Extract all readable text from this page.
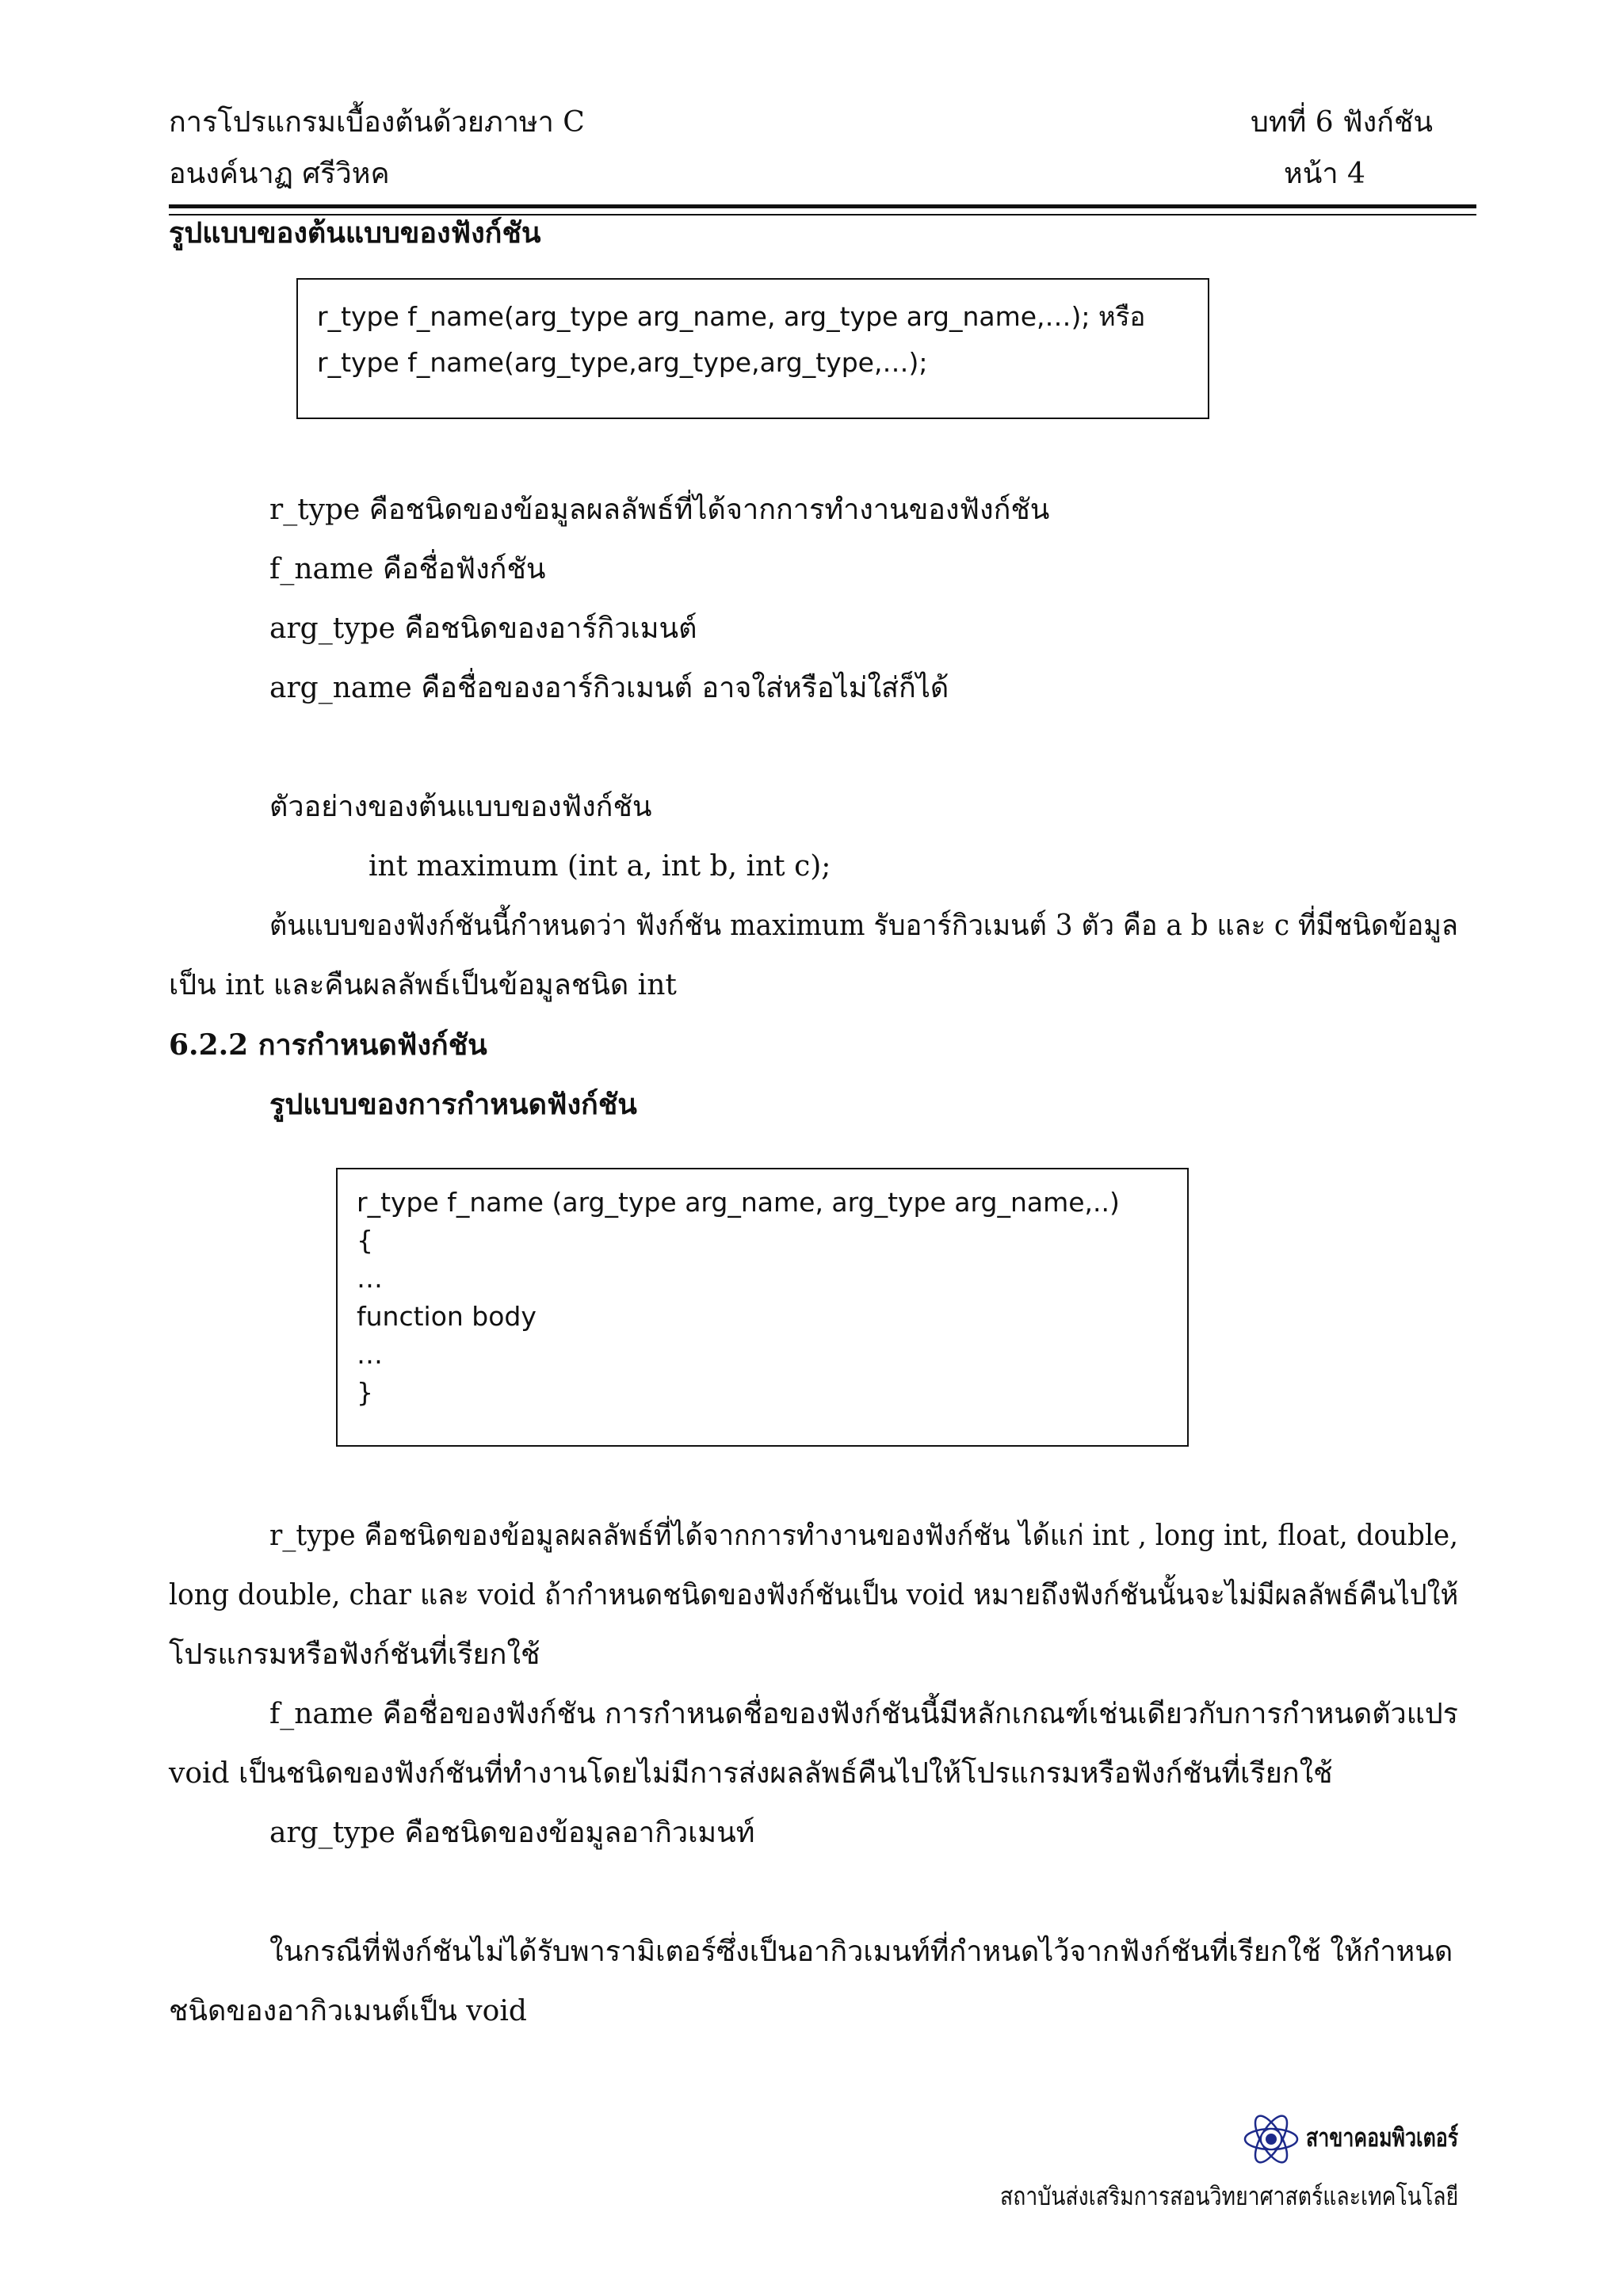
การโปรแกรมเบื้องต้นด้วยภาษา C
อนงค์นาฏ ศรีวิหค
บทที่ 6 ฟังก์ชัน
หน้า 4
รูปแบบของต้นแบบของฟังก์ชัน
r_type f_name(arg_type arg_name, arg_type arg_name,…); หรือ
r_type f_name(arg_type,arg_type,arg_type,…);
r_type คือชนิดของข้อมูลผลลัพธ์ที่ได้จากการทำงานของฟังก์ชัน
f_name คือชื่อฟังก์ชัน
arg_type คือชนิดของอาร์กิวเมนต์
arg_name คือชื่อของอาร์กิวเมนต์ อาจใส่หรือไม่ใส่ก็ได้
ตัวอย่างของต้นแบบของฟังก์ชัน
int maximum (int a, int b, int c);
ต้นแบบของฟังก์ชันนี้กำหนดว่า ฟังก์ชัน maximum รับอาร์กิวเมนต์ 3 ตัว คือ a b และ c ที่มีชนิดข้อมูล
เป็น int และคืนผลลัพธ์เป็นข้อมูลชนิด int
6.2.2 การกำหนดฟังก์ชัน
รูปแบบของการกำหนดฟังก์ชัน
r_type f_name (arg_type arg_name, arg_type arg_name,..)
{
…
function body
…
}
r_type คือชนิดของข้อมูลผลลัพธ์ที่ได้จากการทำงานของฟังก์ชัน ได้แก่ int , long int, float, double,
long double, char และ void ถ้ากำหนดชนิดของฟังก์ชันเป็น void หมายถึงฟังก์ชันนั้นจะไม่มีผลลัพธ์คืนไปให้
โปรแกรมหรือฟังก์ชันที่เรียกใช้
f_name คือชื่อของฟังก์ชัน การกำหนดชื่อของฟังก์ชันนี้มีหลักเกณฑ์เช่นเดียวกับการกำหนดตัวแปร
void เป็นชนิดของฟังก์ชันที่ทำงานโดยไม่มีการส่งผลลัพธ์คืนไปให้โปรแกรมหรือฟังก์ชันที่เรียกใช้
arg_type คือชนิดของข้อมูลอากิวเมนท์
ในกรณีที่ฟังก์ชันไม่ได้รับพารามิเตอร์ซึ่งเป็นอากิวเมนท์ที่กำหนดไว้จากฟังก์ชันที่เรียกใช้ ให้กำหนด
ชนิดของอากิวเมนต์เป็น void
สาขาคอมพิวเตอร์
สถาบันส่งเสริมการสอนวิทยาศาสตร์และเทคโนโลยี
